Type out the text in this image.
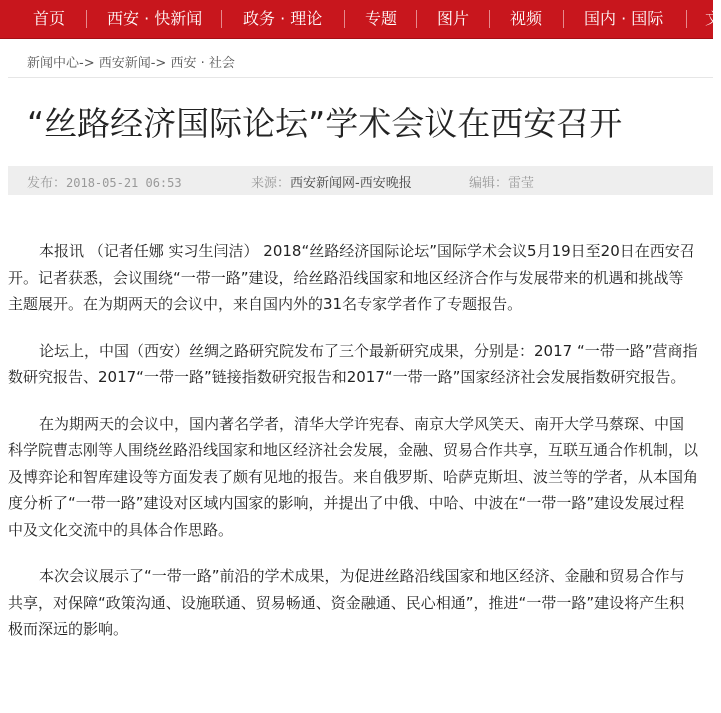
首页	西安 · 快新闻	政务 · 理论	专题 图片	视频	国内 · 国际	文
新闻中心-> 西安新闻-> 西安 · 社会
“丝路经济国际论坛”学术会议在西安召开
发布：2018-05-21 06:53	来源：西安新闻网-西安晚报	编辑：雷莹

本报讯 （记者任娜 实习生闫洁） 2018“丝路经济国际论坛”国际学术会议5月19日至20日在西安召开。记者获悉，会议围绕“一带一路”建设，给丝路沿线国家和地区经济合作与发展带来的机遇和挑战等主题展开。在为期两天的会议中，来自国内外的31名专家学者作了专题报告。

论坛上，中国（西安）丝绸之路研究院发布了三个最新研究成果，分别是：2017 “一带一路”营商指数研究报告、2017“一带一路”链接指数研究报告和2017“一带一路”国家经济社会发展指数研究报告。

在为期两天的会议中，国内著名学者，清华大学许宪春、南京大学风笑天、南开大学马蔡琛、中国科学院曹志刚等人围绕丝路沿线国家和地区经济社会发展，金融、贸易合作共享，互联互通合作机制，以及博弈论和智库建设等方面发表了颇有见地的报告。来自俄罗斯、哈萨克斯坦、波兰等的学者，从本国角度分析了“一带一路”建设对区域内国家的影响，并提出了中俄、中哈、中波在“一带一路”建设发展过程中及文化交流中的具体合作思路。

本次会议展示了“一带一路”前沿的学术成果，为促进丝路沿线国家和地区经济、金融和贸易合作与共享，对保障“政策沟通、设施联通、贸易畅通、资金融通、民心相通”，推进“一带一路”建设将产生积极而深远的影响。
